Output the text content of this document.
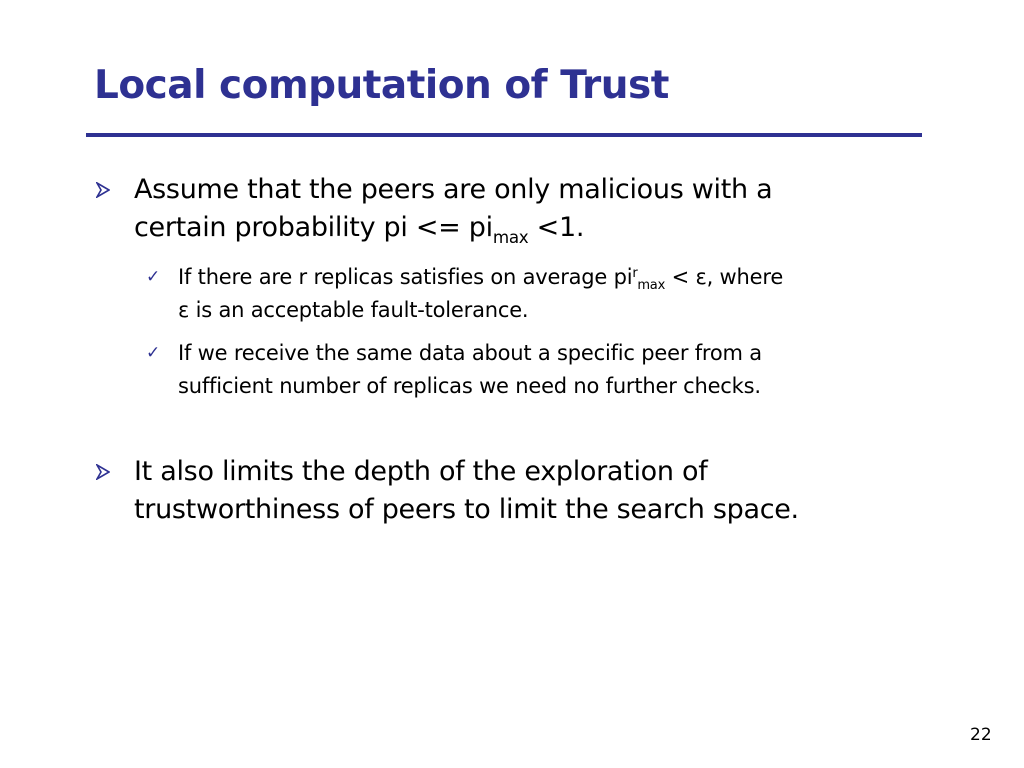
Local computation of Trust
Assume that the peers are only malicious with a
certain probability pi <= $pi_{max} <1$.
✓ If there are r replicas satisfies on average $pi^r_{max} < \varepsilon$, where
ε is an acceptable fault-tolerance.
✓ If we receive the same data about a specific peer from a
sufficient number of replicas we need no further checks.
It also limits the depth of the exploration of
trustworthiness of peers to limit the search space.
22
